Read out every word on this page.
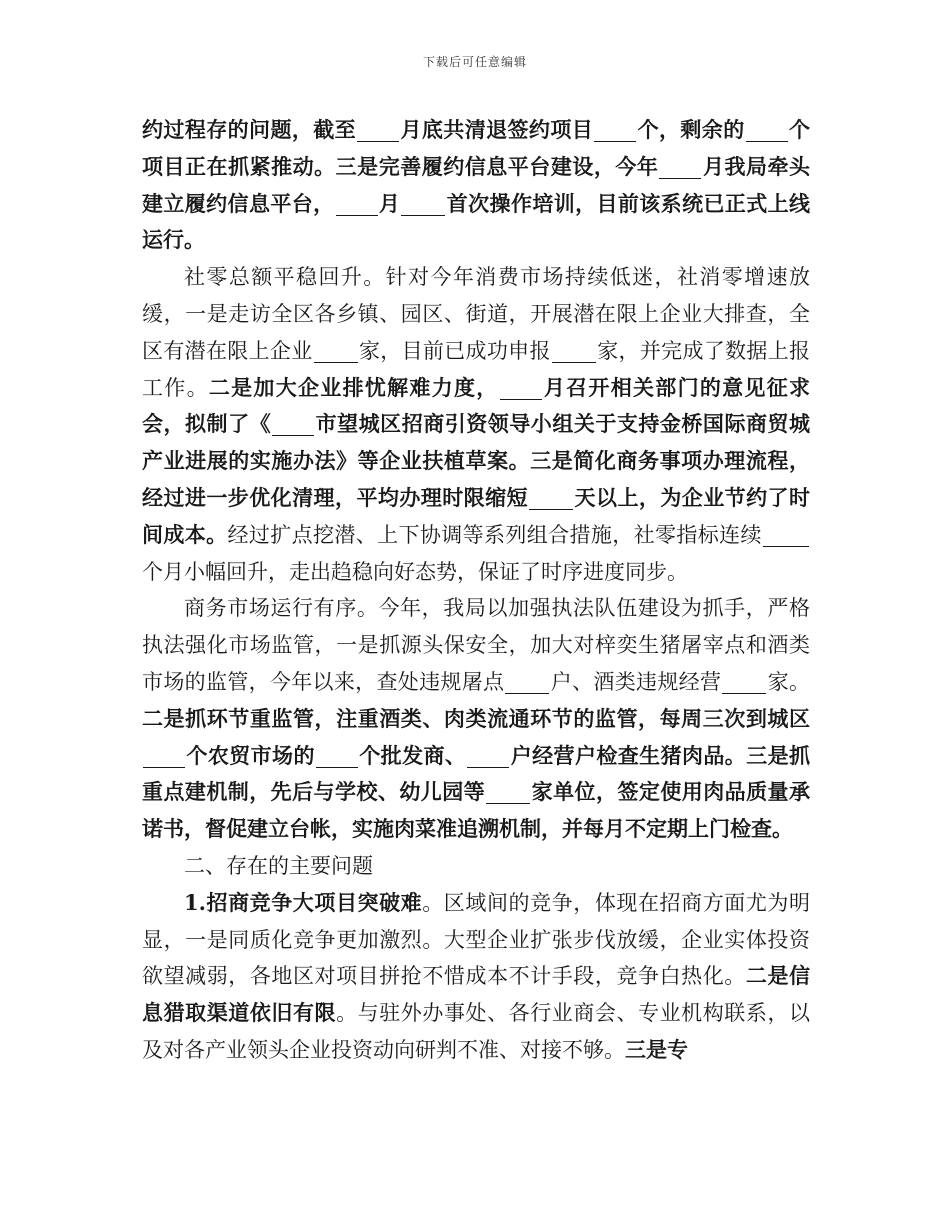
下载后可任意编辑

约过程存的问题，截至 月底共清退签约项目 个，剩余的 个项目正在抓紧推动。三是完善履约信息平台建设，今年 月我局牵头建立履约信息平台， 月 首次操作培训，目前该系统已正式上线运行。

社零总额平稳回升。针对今年消费市场持续低迷，社消零增速放缓，一是走访全区各乡镇、园区、街道，开展潜在限上企业大排查，全区有潜在限上企业 家，目前已成功申报 家，并完成了数据上报工作。二是加大企业排忧解难力度， 月召开相关部门的意见征求会，拟制了《 市望城区招商引资领导小组关于支持金桥国际商贸城产业进展的实施办法》等企业扶植草案。三是简化商务事项办理流程，经过进一步优化清理，平均办理时限缩短 天以上，为企业节约了时间成本。经过扩点挖潜、上下协调等系列组合措施，社零指标连续个月小幅回升，走出趋稳向好态势，保证了时序进度同步。

商务市场运行有序。今年，我局以加强执法队伍建设为抓手，严格执法强化市场监管，一是抓源头保安全，加大对梓奕生猪屠宰点和酒类市场的监管，今年以来，查处违规屠点 户、酒类违规经营 家。二是抓环节重监管，注重酒类、肉类流通环节的监管，每周三次到城区个农贸市场的 个批发商、 户经营户检查生猪肉品。三是抓重点建机制，先后与学校、幼儿园等 家单位，签定使用肉品质量承诺书，督促建立台帐，实施肉菜准追溯机制，并每月不定期上门检查。

二、存在的主要问题

1.招商竞争大项目突破难。区域间的竞争，体现在招商方面尤为明显，一是同质化竞争更加激烈。大型企业扩张步伐放缓，企业实体投资欲望减弱，各地区对项目拼抢不惜成本不计手段，竞争白热化。二是信息猎取渠道依旧有限。与驻外办事处、各行业商会、专业机构联系，以及对各产业领头企业投资动向研判不准、对接不够。三是专
